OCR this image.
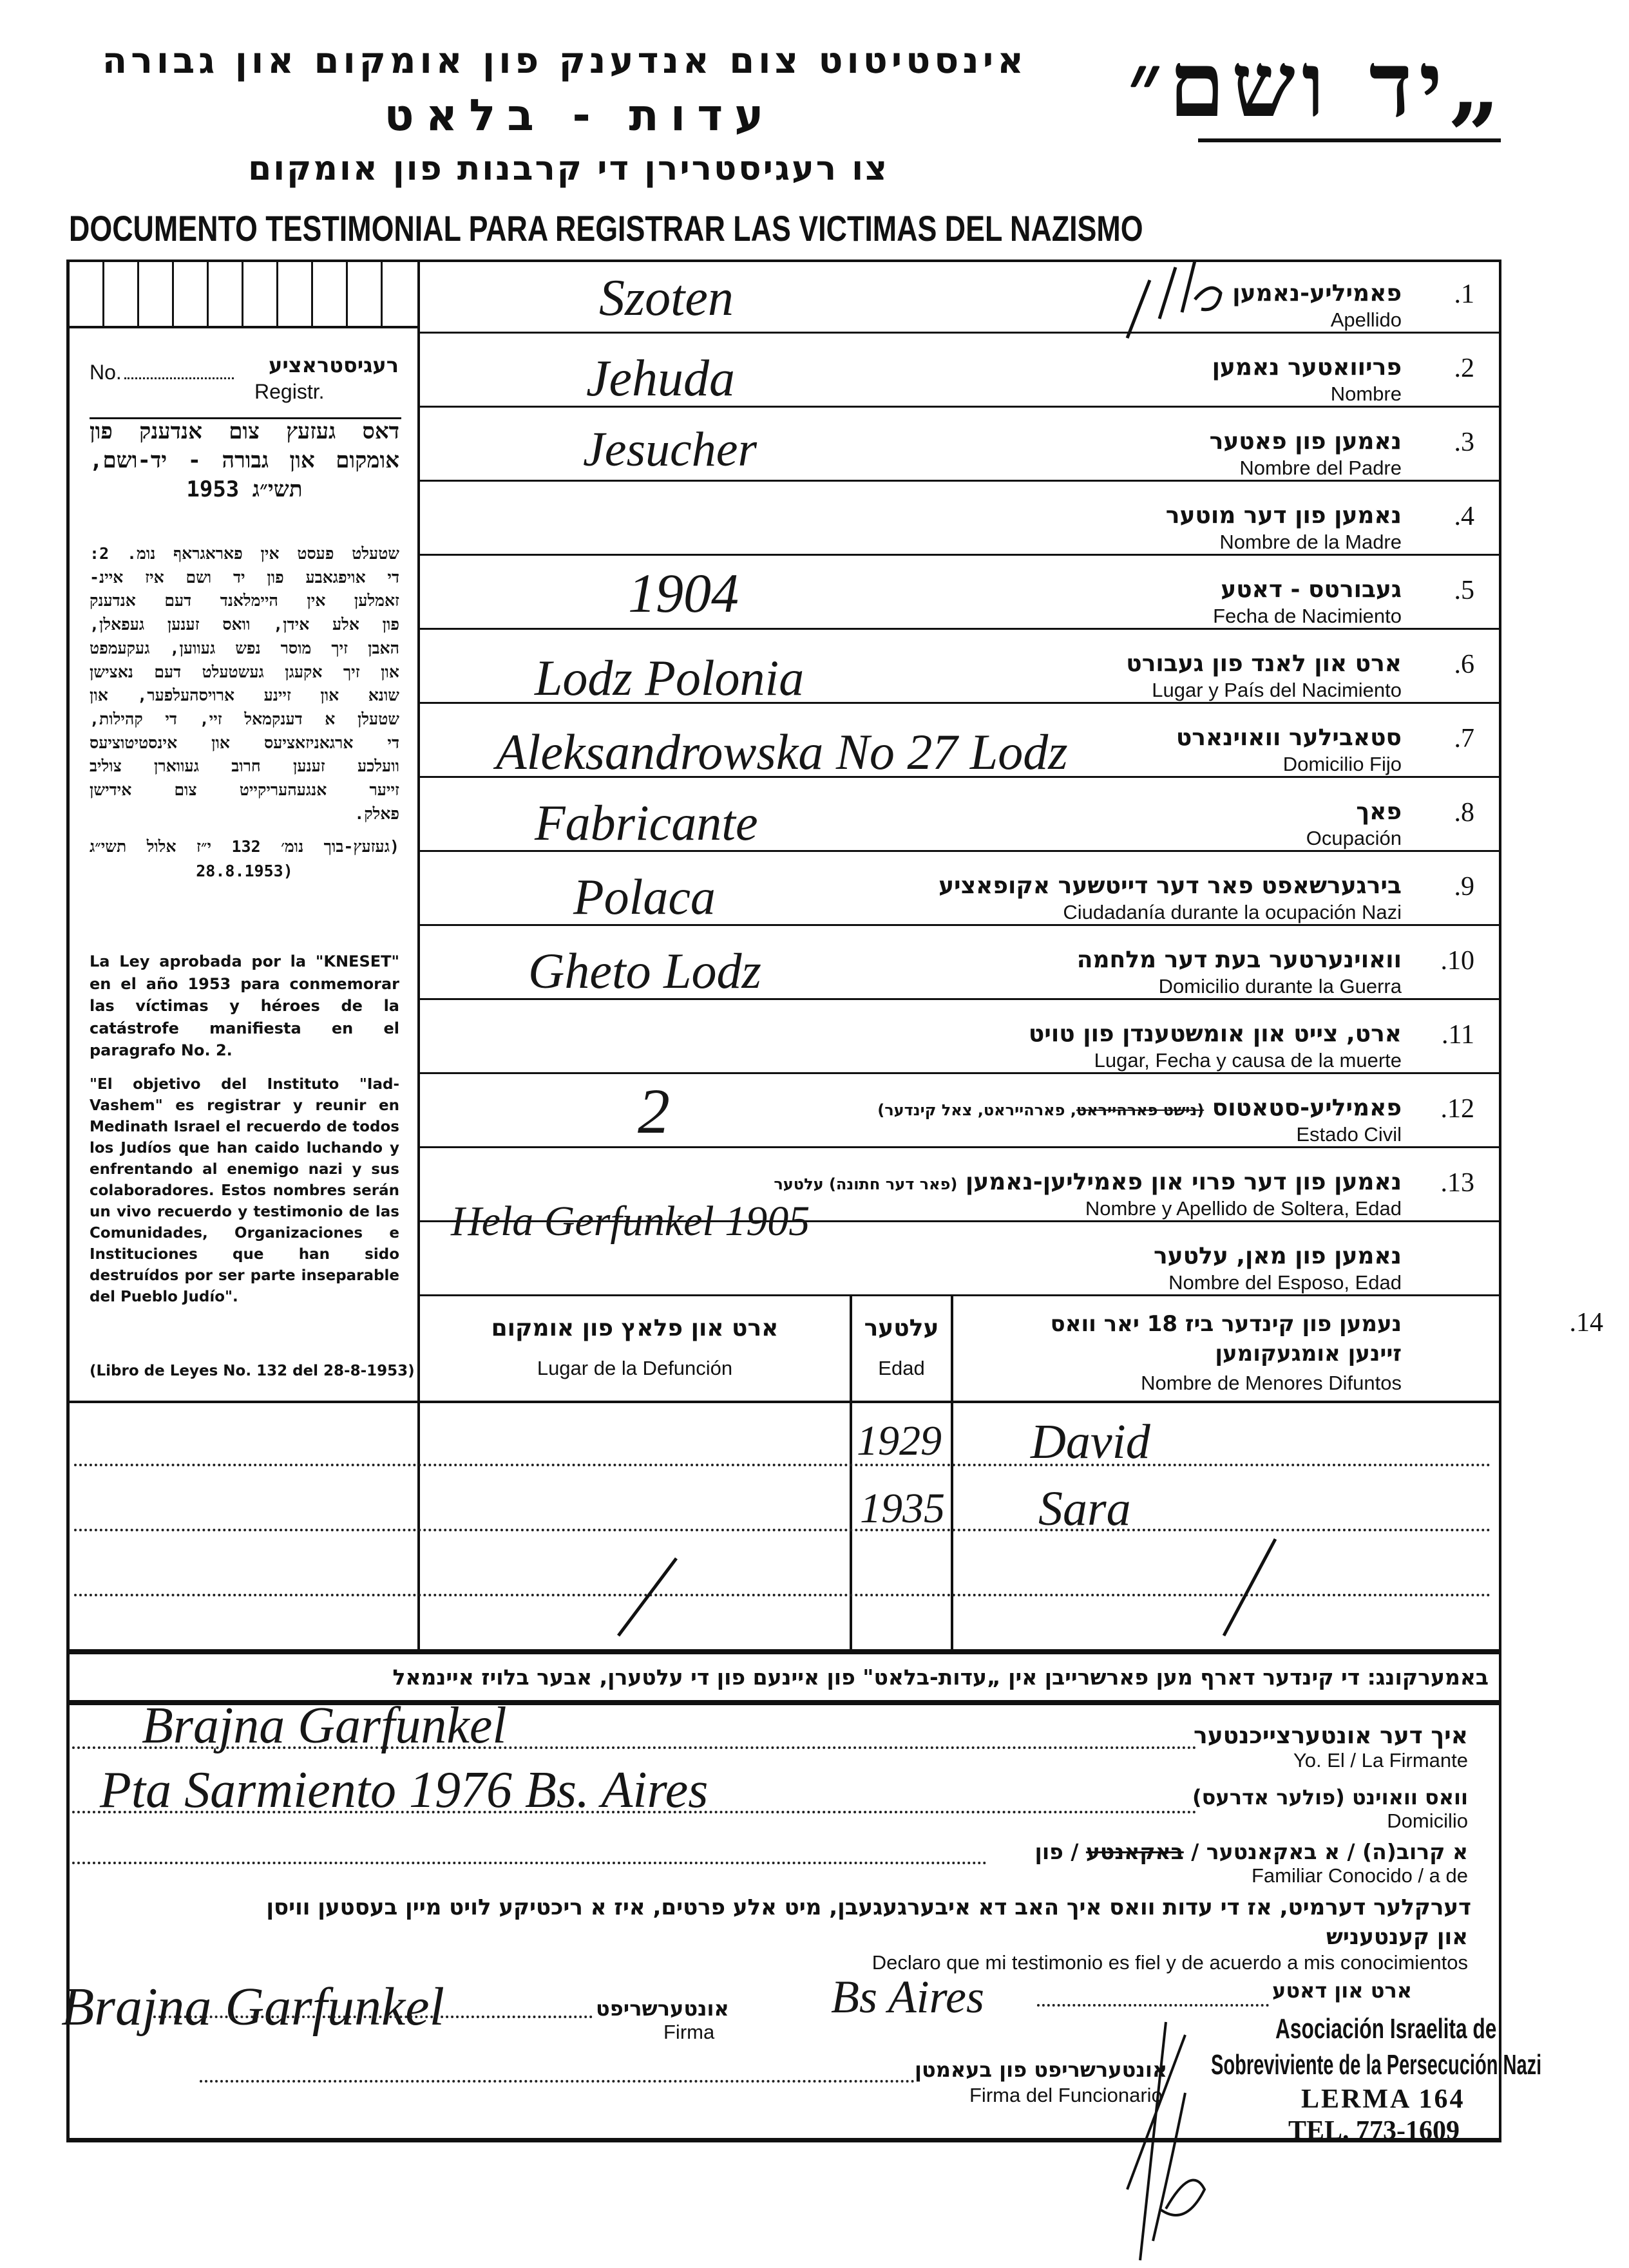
אינסטיטוט צום אנדענק פון אומקום און גבורה
עדות - בלאט
צו רעגיסטרירן די קרבנות פון אומקום
„יד ושם״
DOCUMENTO TESTIMONIAL PARA REGISTRAR LAS VICTIMAS DEL NAZISMO
No.	רעגיסטראציע
Registr.
דאס געזעץ צום אנדענק פון
אומקום און גבורה - יד-ושם,
תשי״ג 1953
שטעלט פעסט אין פאראגראף נומ. 2:
די אויפגאבע פון יד ושם איז איינ-
זאמלען אין היימלאנד דעם אנדענק
פון אלע אידן, וואס זענען געפאלן,
האבן זיך מוסר נפש געווען, געקעמפט
און זיך אקעגן געשטעלט דעם נאצישן
שונא און זיינע ארויסהעלפער, און
שטעלן א דענקמאל זיי, די קהילות,
די ארגאניזאציעס און אינסטיטוציעס
וועלכע זענען חרוב געווארן צוליב
זייער אנגעהעריקייט צום אידישן
פאלק.
(געזעץ-בוך נומ׳ 132 י״ז אלול תשי״ג
(28.8.1953
La Ley aprobada por la "KNESET" en el año 1953 para conmemorar las víctimas y héroes de la catástrofe manifiesta en el paragrafo No. 2.
"El objetivo del Instituto "Iad-Vashem" es registrar y reunir en Medinath Israel el recuerdo de todos los Judíos que han caido luchando y enfrentando al enemigo nazi y sus colaboradores. Estos nombres serán un vivo recuerdo y testimonio de las Comunidades, Organizaciones e Instituciones que han sido destruídos por ser parte inseparable del Pueblo Judío".
(Libro de Leyes No. 132 del 28-8-1953)
.1
פאמיליע-נאמען
Apellido
Szoten
.2
פריוואטער נאמען
Nombre
Jehuda
.3
נאמען פון פאטער
Nombre del Padre
Jesucher
.4
נאמען פון דער מוטער
Nombre de la Madre
.5
געבורטס - דאטע
Fecha de Nacimiento
1904
.6
ארט און לאנד פון געבורט
Lugar y País del Nacimiento
Lodz Polonia
.7
סטאבילער וואוינארט
Domicilio Fijo
Aleksandrowska No 27 Lodz
.8
פאך
Ocupación
Fabricante
.9
בירגערשאפט פאר דער דייטשער אקופאציע
Ciudadanía durante la ocupación Nazi
Polaca
.10
וואוינערטער בעת דער מלחמה
Domicilio durante la Guerra
Gheto Lodz
.11
ארט, צייט און אומשטענדן פון טויט
Lugar, Fecha y causa de la muerte
.12
פאמיליע-סטאטוס (נישט פארהייראט, פארהייראט, צאל קינדער)
Estado Civil
2
.13
נאמען פון דער פרוי און פאמיליען-נאמען (פאר דער חתונה) עלטער
Nombre y Apellido de Soltera, Edad
Hela Gerfunkel 1905
נאמען פון מאן, עלטער
Nombre del Esposo, Edad
.14
נעמען פון קינדער ביז 18 יאר וואס
זיינען אומגעקומען
Nombre de Menores Difuntos
עלטער
Edad
ארט און פלאץ פון אומקום
Lugar de la Defunción
1929 David
1935 Sara
באמערקונג: די קינדער דארף מען פארשרייבן אין „עדות-בלאט" פון איינעם פון די עלטערן, אבער בלויז איינמאל
Brajna Garfunkel	איך דער אונטערצייכנטער
Yo. El / La Firmante
Pta Sarmiento 1976 Bs. Aires	וואס וואוינט (פולער אדרעס)
Domicilio
א קרוב(ה) / א באקאנטער / באקאנטע / פון
Familiar Conocido / a de
דערקלער דערמיט, אז די עדות וואס איך האב דא איבערגעגעבן, מיט אלע פרטים, איז א ריכטיקע לויט מיין בעסטען וויסן
און קענטעניש
Declaro que mi testimonio es fiel y de acuerdo a mis conocimientos
Brajna Garfunkel	אונטערשריפט
Firma
Bs Aires	ארט און דאטע
אונטערשריפט פון בעאמטן
Firma del Funcionario
Asociación Israelita de
Sobreviviente de la Persecución Nazi
LERMA 164
TEL. 773-1609
